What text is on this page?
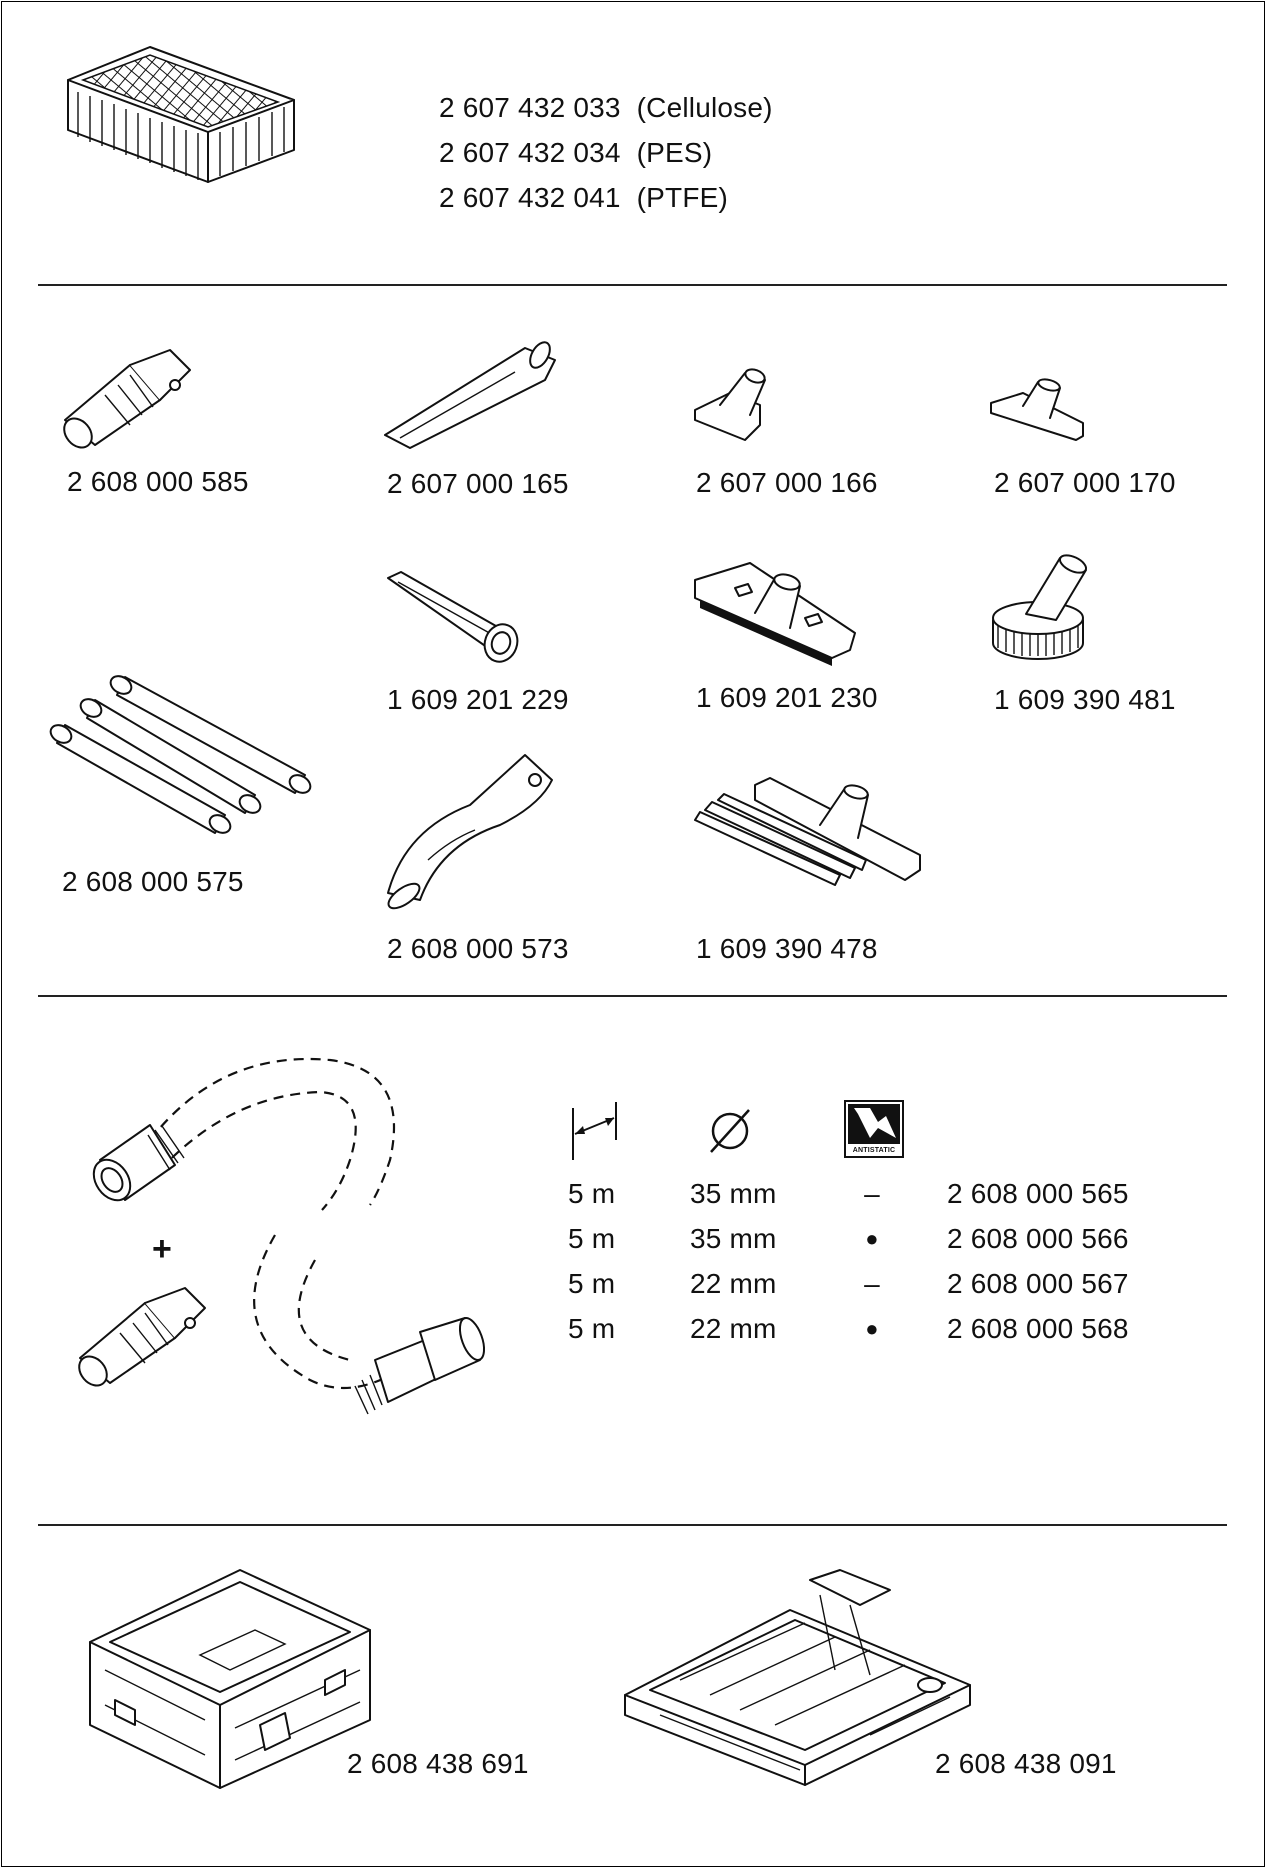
2 607 432 033 (Cellulose)
2 607 432 034 (PES)
2 607 432 041 (PTFE)
2 608 000 585	2 607 000 165	2 607 000 166	2 607 000 170
2 608 000 575
1 609 201 229	1 609 201 230	1 609 390 481
2 608 000 573	1 609 390 478
+
ANTISTATIC
5 m	35 mm	– 2 608 000 565
5 m	35 mm	● 2 608 000 566
5 m	22 mm	– 2 608 000 567
5 m	22 mm	● 2 608 000 568
2 608 438 691	2 608 438 091
